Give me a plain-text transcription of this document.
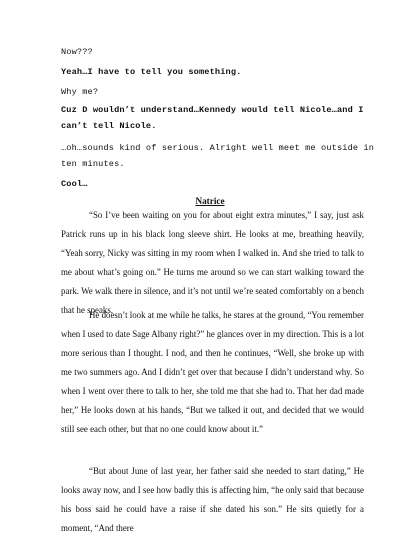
Now???
Yeah…I have to tell you something.
Why me?
Cuz D wouldn’t understand…Kennedy would tell Nicole…and I can’t tell Nicole.
…oh…sounds kind of serious. Alright well meet me outside in ten minutes.
Cool…
Natrice

“So I’ve been waiting on you for about eight extra minutes,” I say, just ask Patrick runs up in his black long sleeve shirt. He looks at me, breathing heavily, “Yeah sorry, Nicky was sitting in my room when I walked in. And she tried to talk to me about what’s going on.” He turns me around so we can start walking toward the park. We walk there in silence, and it’s not until we’re seated comfortably on a bench that he speaks.

He doesn’t look at me while he talks, he stares at the ground, “You remember when I used to date Sage Albany right?” he glances over in my direction. This is a lot more serious than I thought. I nod, and then he continues, “Well, she broke up with me two summers ago. And I didn’t get over that because I didn’t understand why. So when I went over there to talk to her, she told me that she had to. That her dad made her,” He looks down at his hands, “But we talked it out, and decided that we would still see each other, but that no one could know about it.”

“But about June of last year, her father said she needed to start dating,” He looks away now, and I see how badly this is affecting him, “he only said that because his boss said he could have a raise if she dated his son.” He sits quietly for a moment, “And there
